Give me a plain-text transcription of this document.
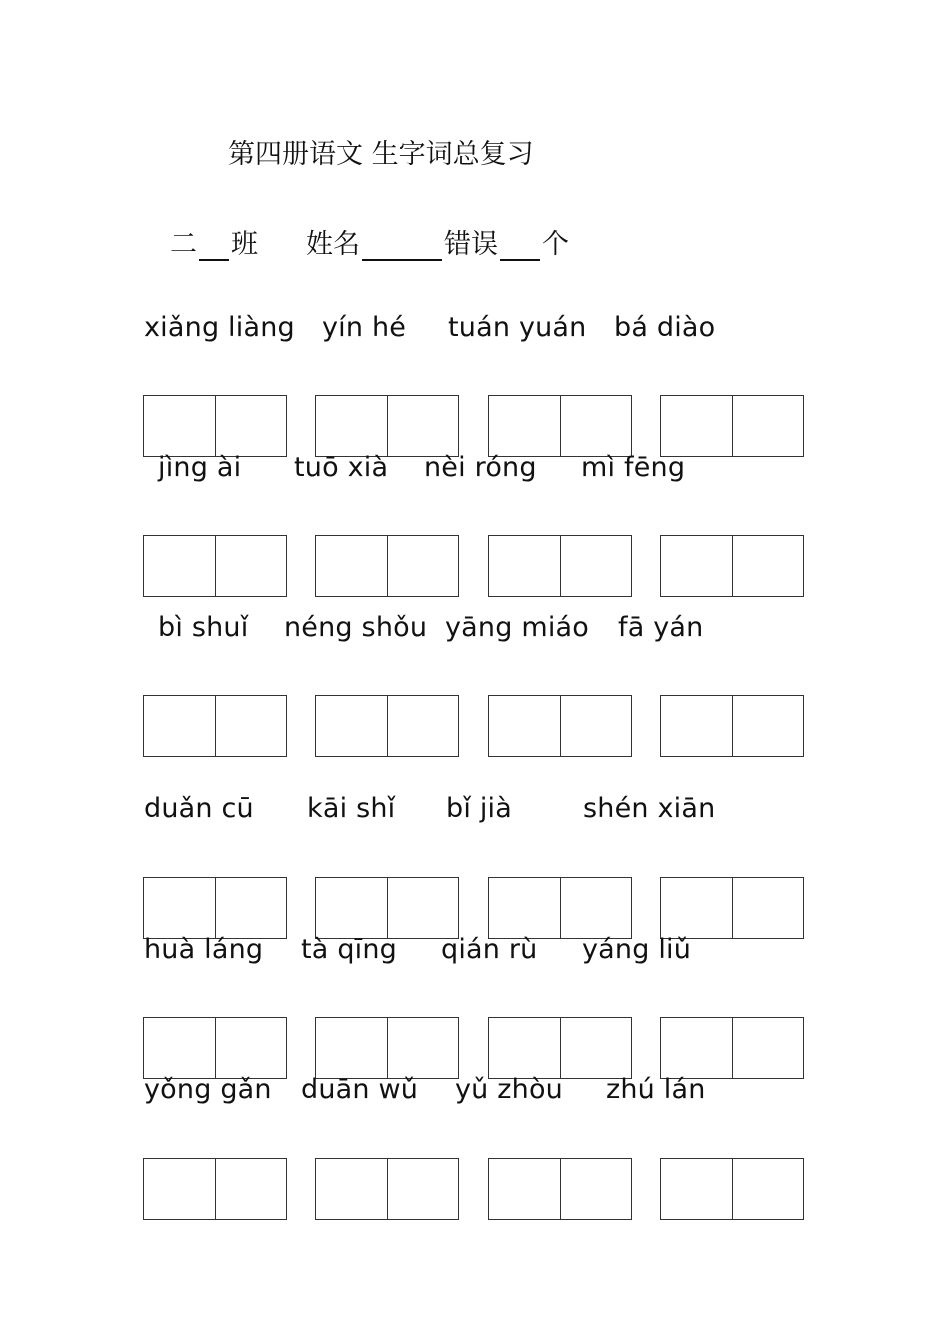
第四册语文 生字词总复习
二 班 姓名	错误 个
xiǎng liàng yín hé tuán yuán bá diào
jìng ài tuō xià nèi róng mì fēng
bì shuǐ néng shǒu yāng miáo fā yán
duǎn cū kāi shǐ bǐ jià	shén xiān
huà láng tà qīng qián rù yáng liǔ
yǒng gǎn duān wǔ yǔ zhòu zhú lán
